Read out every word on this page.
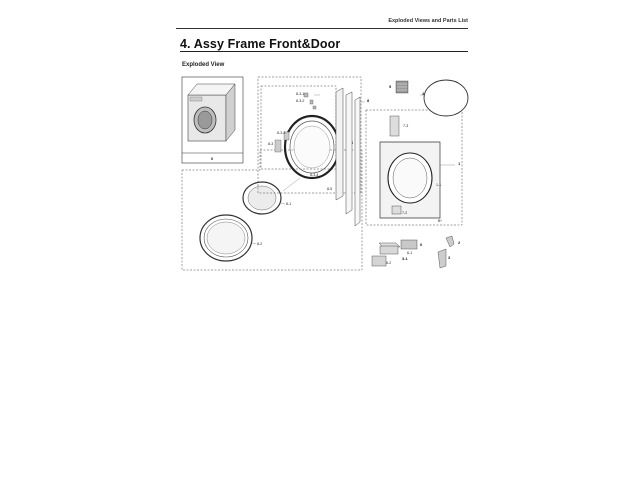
Exploded Views and Parts List
4. Assy Frame Front&Door
Exploded View
0
8-2
8-1
8-3-1
8-3-2
8-3-3
8-3
8-3-4
8-5
8
7-3
7-2
1-1
1
B*
5
4
6-1
6
6-2
3-1
2
3
